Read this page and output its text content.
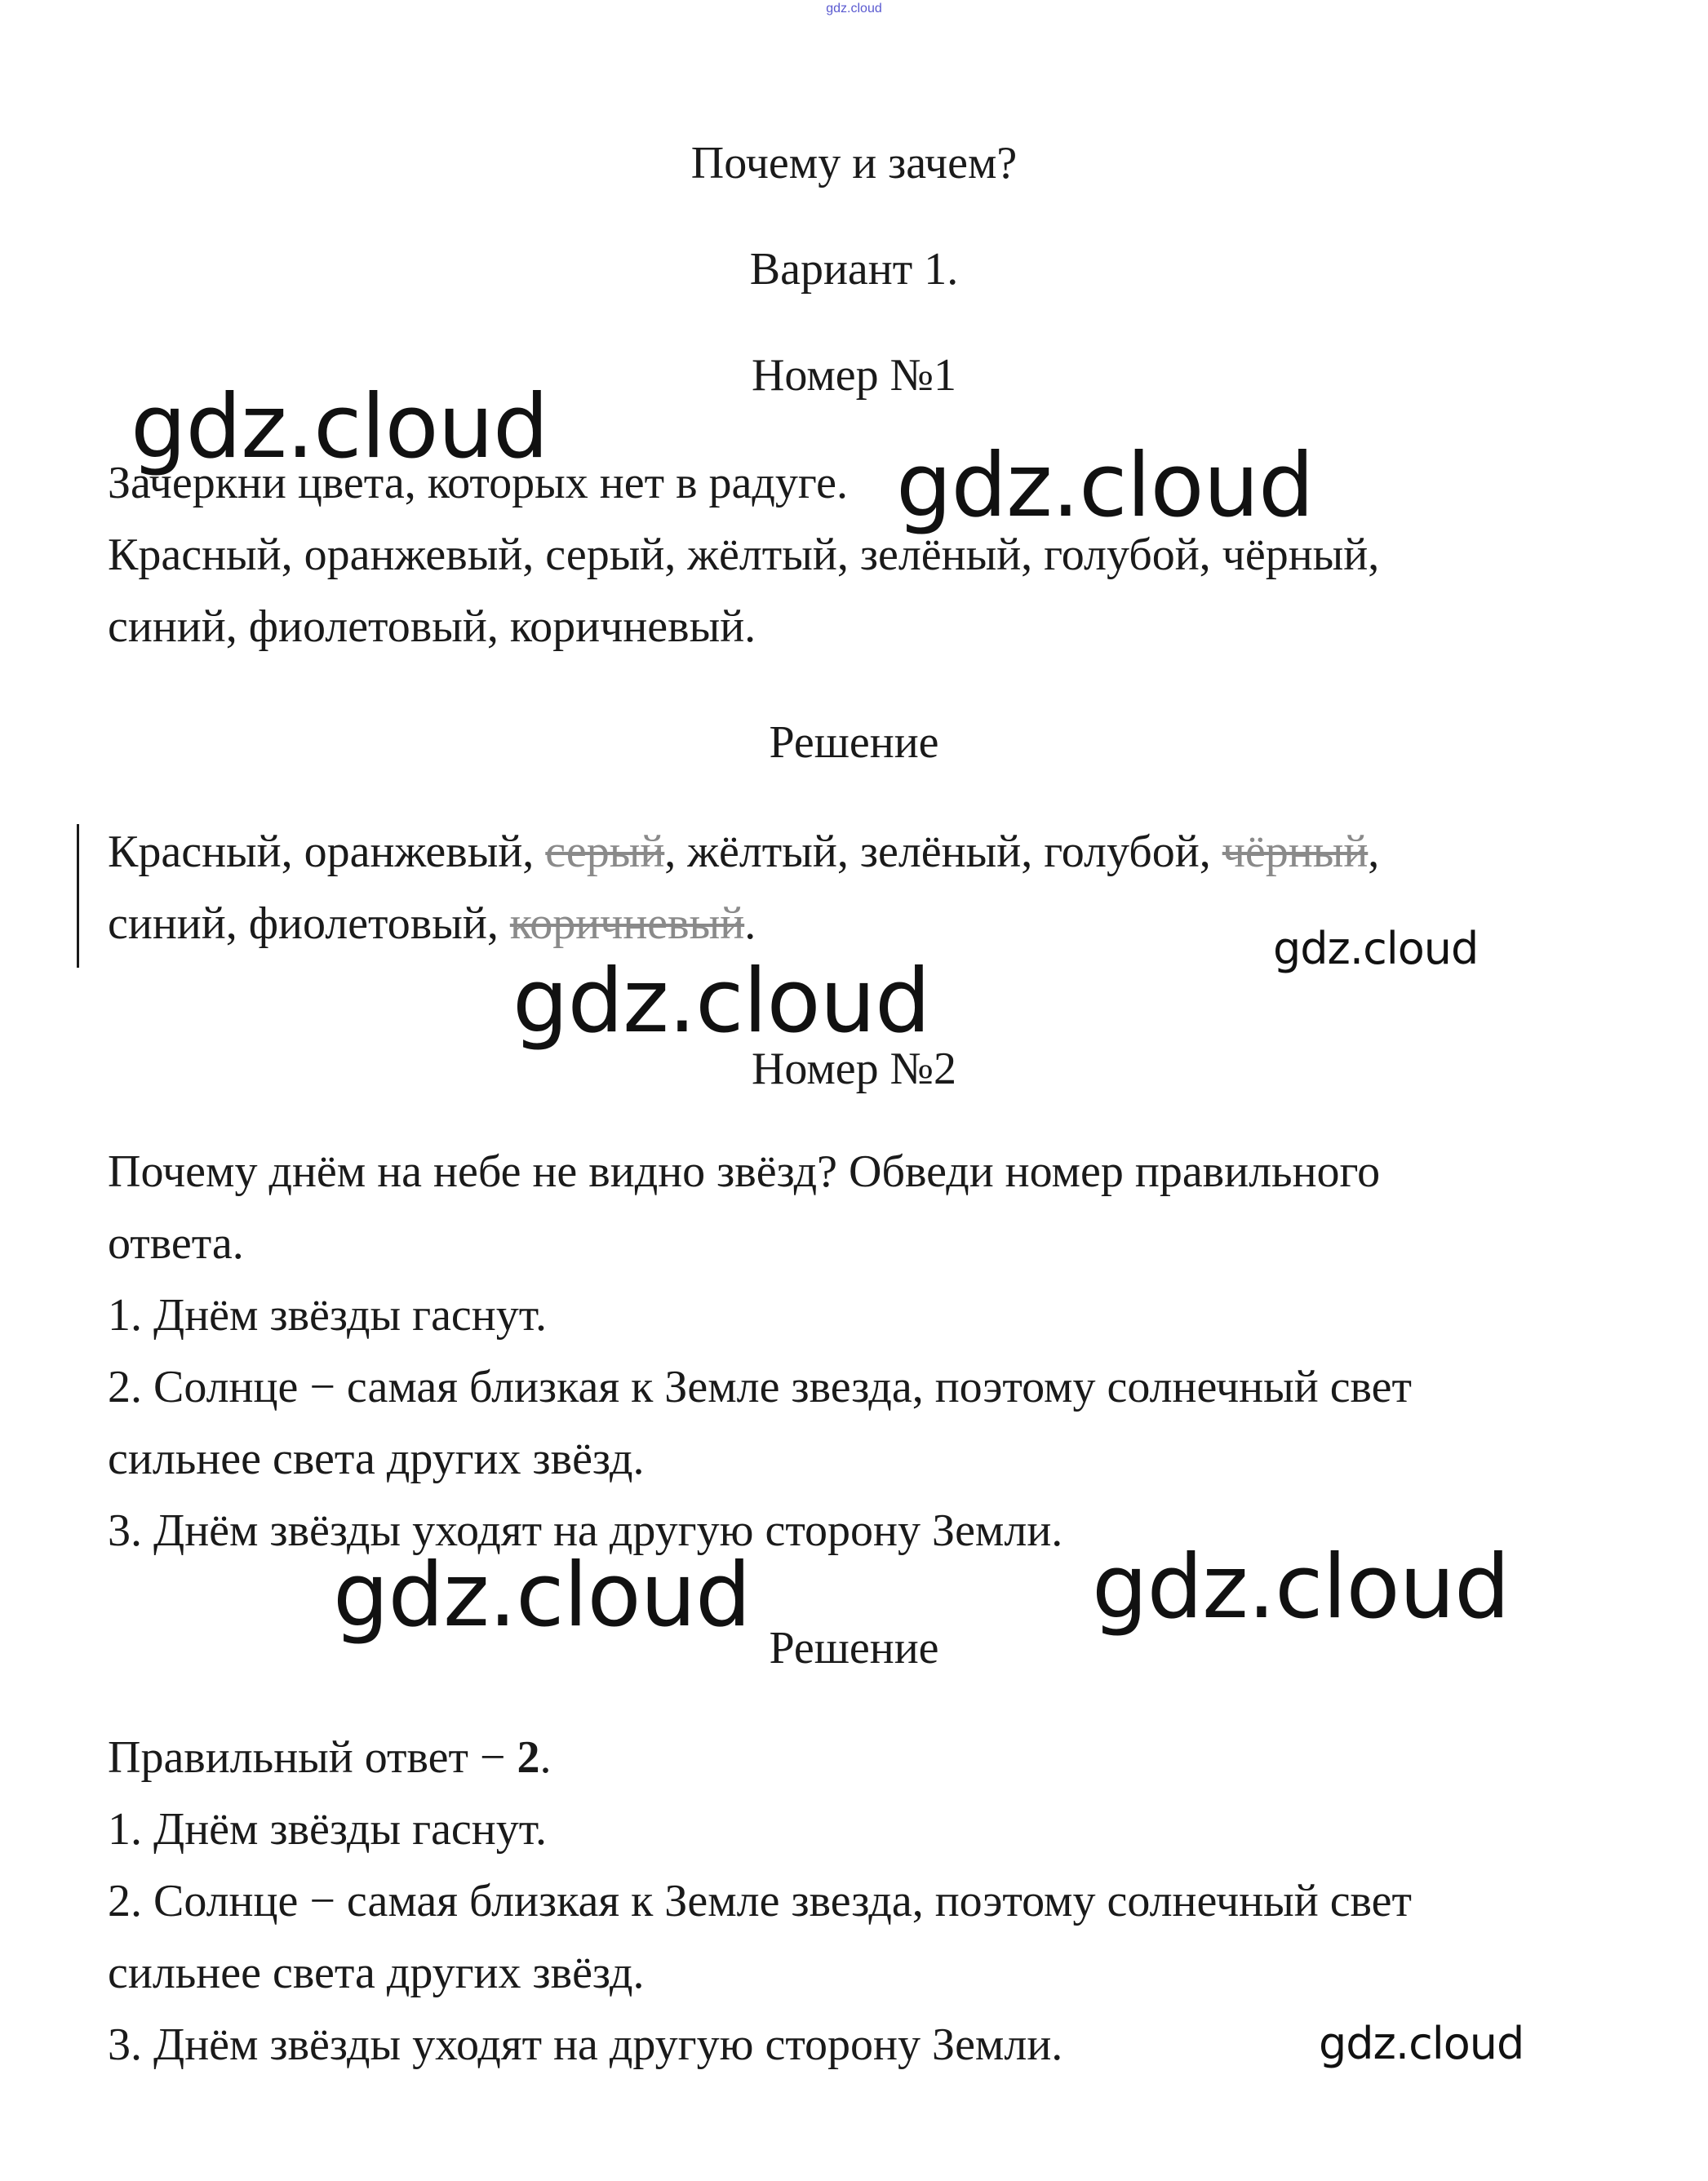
gdz.cloud
Почему и зачем?
Вариант 1.
Номер №1
Зачеркни цвета, которых нет в радуге.
Красный, оранжевый, серый, жёлтый, зелёный, голубой, чёрный,
синий, фиолетовый, коричневый.
Решение
Красный, оранжевый, серый, жёлтый, зелёный, голубой, чёрный,
синий, фиолетовый, коричневый.
Номер №2
Почему днём на небе не видно звёзд? Обведи номер правильного
ответа.
1. Днём звёзды гаснут.
2. Солнце − самая близкая к Земле звезда, поэтому солнечный свет
сильнее света других звёзд.
3. Днём звёзды уходят на другую сторону Земли.
Решение
Правильный ответ − 2.
1. Днём звёзды гаснут.
2. Солнце − самая близкая к Земле звезда, поэтому солнечный свет
сильнее света других звёзд.
3. Днём звёзды уходят на другую сторону Земли.
gdz.cloud
gdz.cloud
gdz.cloud
gdz.cloud
gdz.cloud	gdz.cloud
gdz.cloud
